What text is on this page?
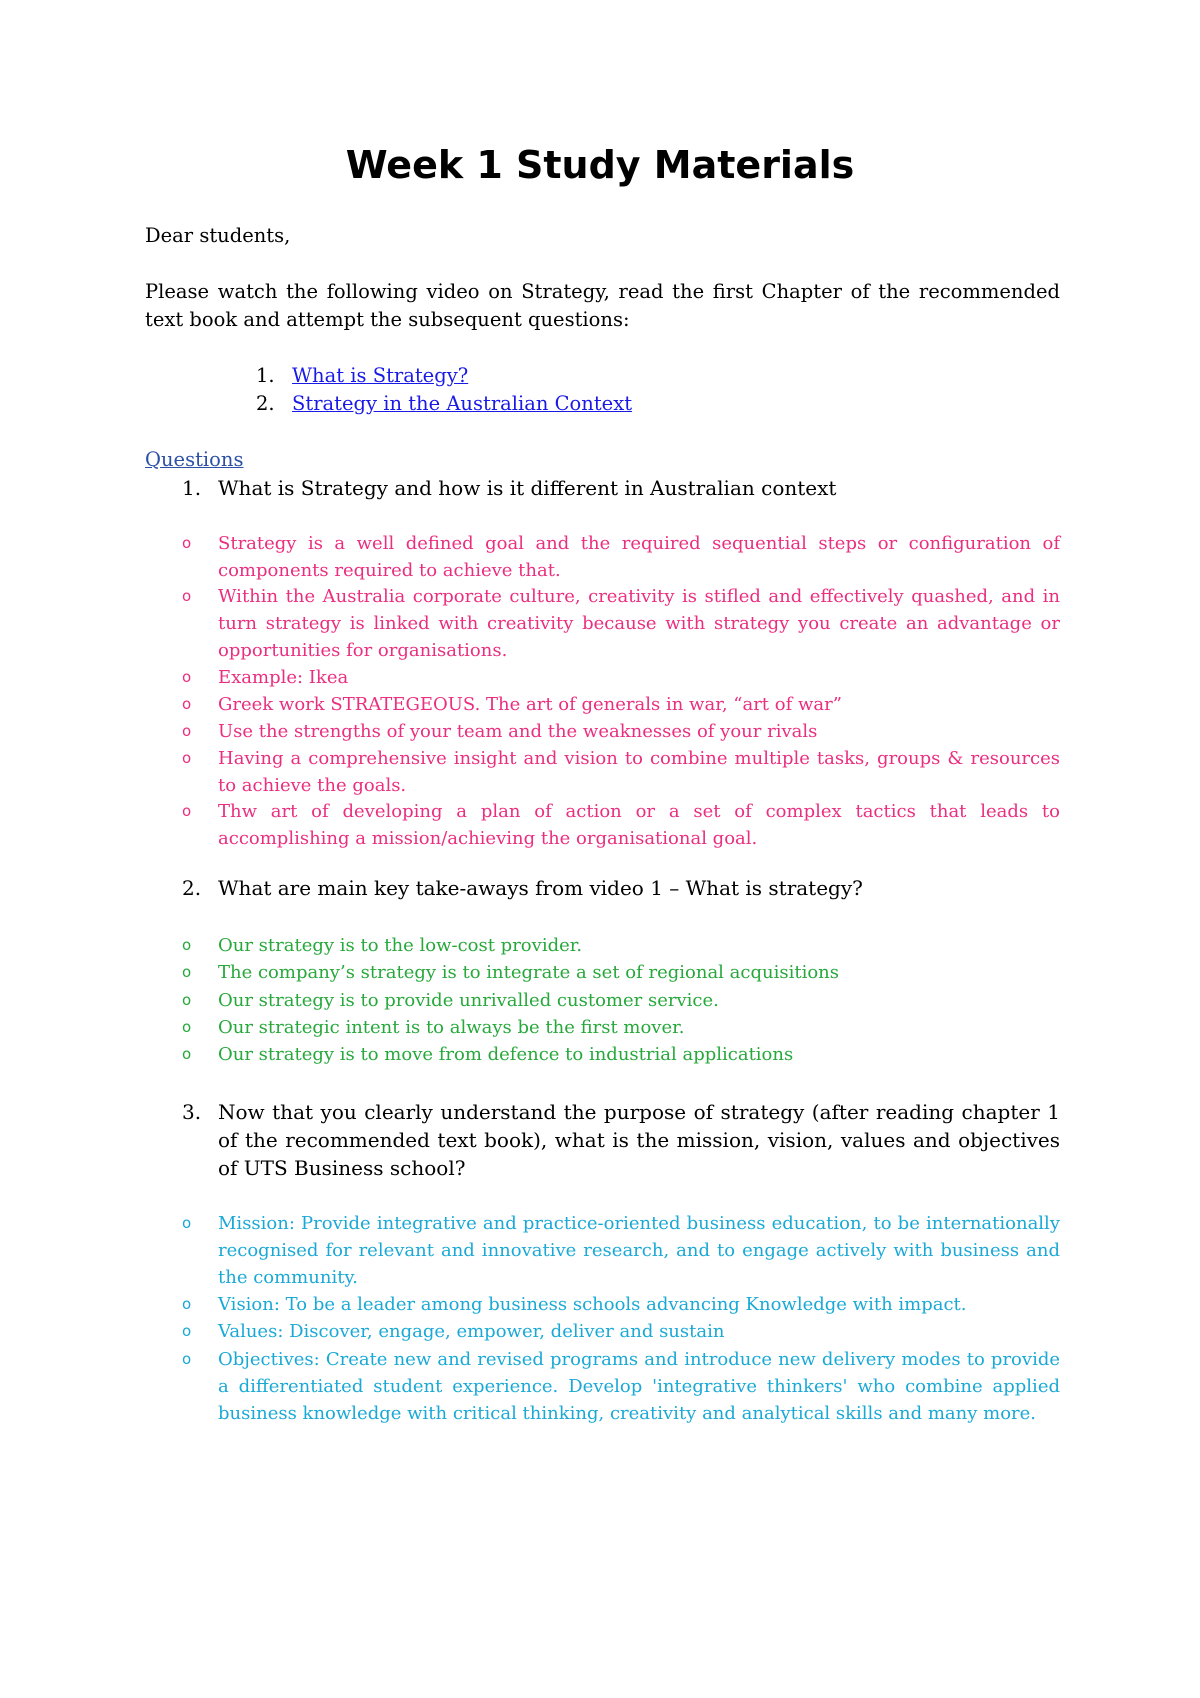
Week 1 Study Materials

Dear students,

Please watch the following video on Strategy, read the first Chapter of the recommended text book and attempt the subsequent questions:

1. What is Strategy?
2. Strategy in the Australian Context
Questions
1. What is Strategy and how is it different in Australian context
o Strategy is a well defined goal and the required sequential steps or configuration of components required to achieve that.
o Within the Australia corporate culture, creativity is stifled and effectively quashed, and in turn strategy is linked with creativity because with strategy you create an advantage or opportunities for organisations.
o Example: Ikea
o Greek work STRATEGEOUS. The art of generals in war, “art of war”
o Use the strengths of your team and the weaknesses of your rivals
o Having a comprehensive insight and vision to combine multiple tasks, groups & resources to achieve the goals.
o Thw art of developing a plan of action or a set of complex tactics that leads to accomplishing a mission/achieving the organisational goal.
2. What are main key take-aways from video 1 – What is strategy?
o Our strategy is to the low-cost provider.
o The company’s strategy is to integrate a set of regional acquisitions
o Our strategy is to provide unrivalled customer service.
o Our strategic intent is to always be the first mover.
o Our strategy is to move from defence to industrial applications
3. Now that you clearly understand the purpose of strategy (after reading chapter 1 of the recommended text book), what is the mission, vision, values and objectives of UTS Business school?
o Mission: Provide integrative and practice-oriented business education, to be internationally recognised for relevant and innovative research, and to engage actively with business and the community.
o Vision: To be a leader among business schools advancing Knowledge with impact.
o Values: Discover, engage, empower, deliver and sustain
o Objectives: Create new and revised programs and introduce new delivery modes to provide a differentiated student experience. Develop 'integrative thinkers' who combine applied business knowledge with critical thinking, creativity and analytical skills and many more.
